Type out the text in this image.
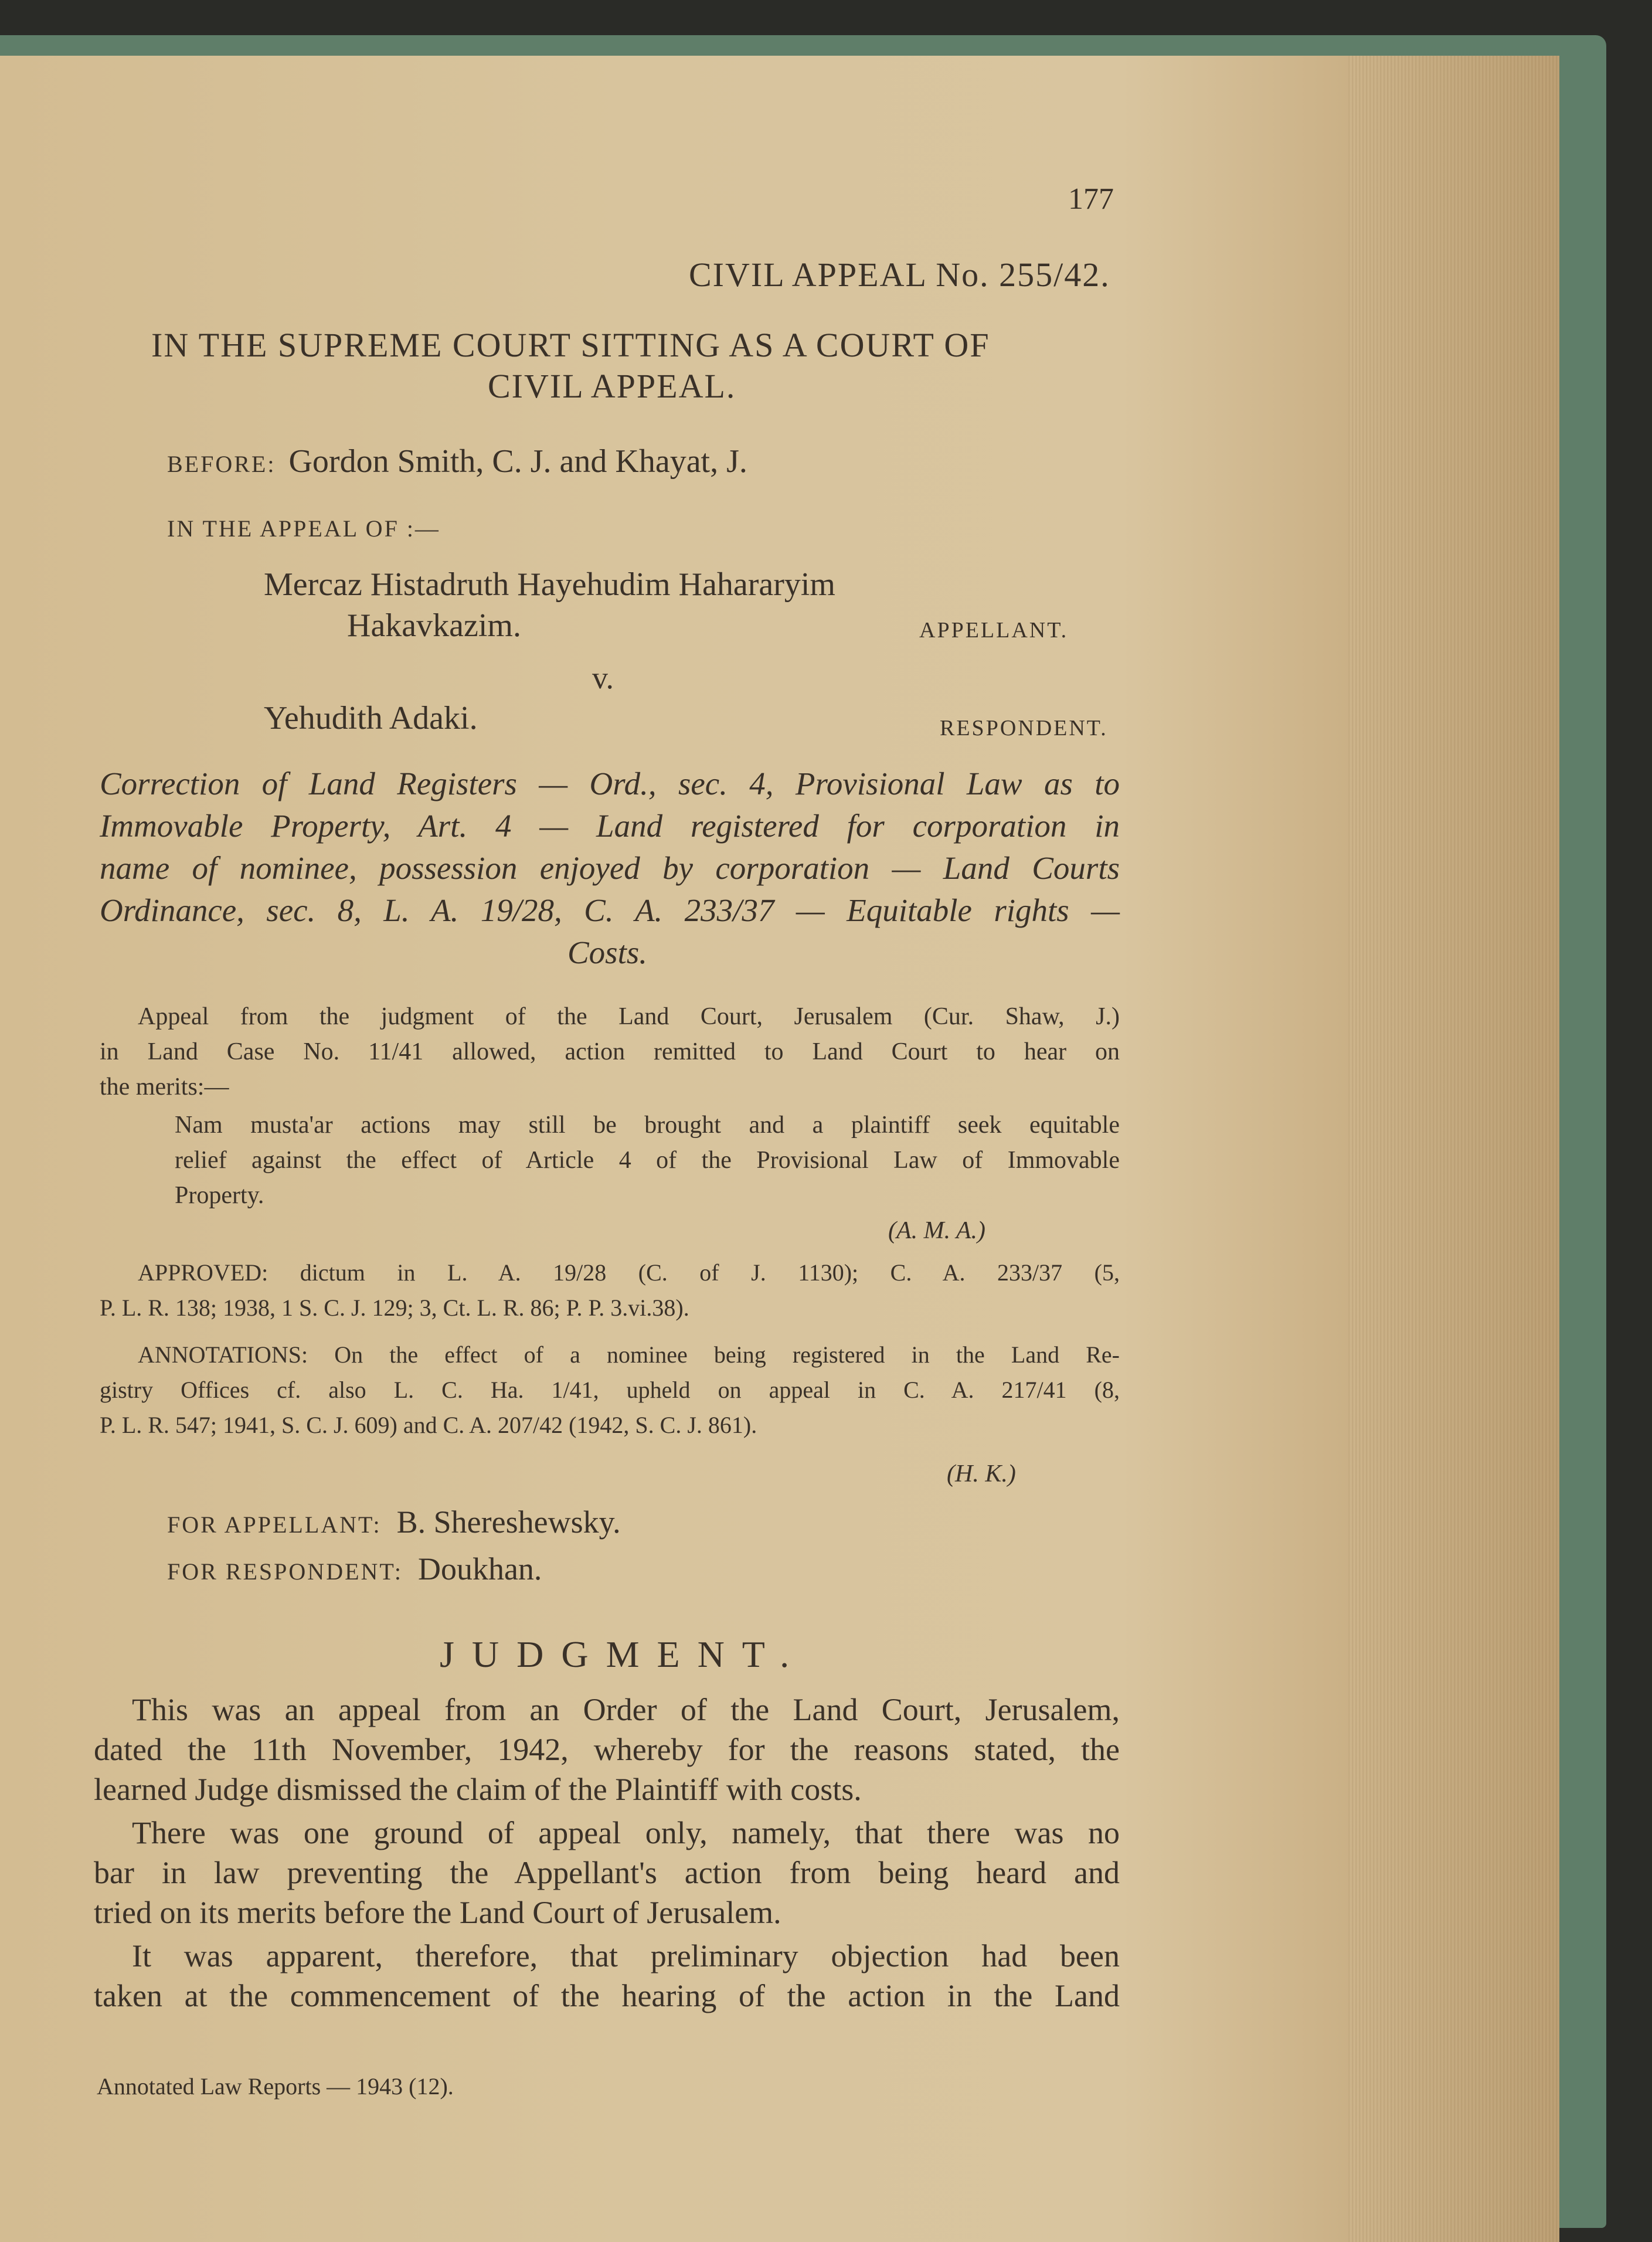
177
CIVIL APPEAL No. 255/42.
IN THE SUPREME COURT SITTING AS A COURT OF
CIVIL APPEAL.
BEFORE: Gordon Smith, C. J. and Khayat, J.
IN THE APPEAL OF :—
Mercaz Histadruth Hayehudim Hahararyim
Hakavkazim.	APPELLANT.
v.
Yehudith Adaki.	RESPONDENT.
Correction of Land Registers — Ord., sec. 4, Provisional Law as to
Immovable Property, Art. 4 — Land registered for corporation in
name of nominee, possession enjoyed by corporation — Land Courts
Ordinance, sec. 8, L. A. 19/28, C. A. 233/37 — Equitable rights —
Costs.
Appeal from the judgment of the Land Court, Jerusalem (Cur. Shaw, J.)
in Land Case No. 11/41 allowed, action remitted to Land Court to hear on
the merits:—
Nam musta'ar actions may still be brought and a plaintiff seek equitable
relief against the effect of Article 4 of the Provisional Law of Immovable
Property.
(A. M. A.)
APPROVED: dictum in L. A. 19/28 (C. of J. 1130); C. A. 233/37 (5,
P. L. R. 138; 1938, 1 S. C. J. 129; 3, Ct. L. R. 86; P. P. 3.vi.38).
ANNOTATIONS: On the effect of a nominee being registered in the Land Re-
gistry Offices cf. also L. C. Ha. 1/41, upheld on appeal in C. A. 217/41 (8,
P. L. R. 547; 1941, S. C. J. 609) and C. A. 207/42 (1942, S. C. J. 861).
(H. K.)
FOR APPELLANT: B. Shereshewsky.
FOR RESPONDENT: Doukhan.
JUDGMENT.
This was an appeal from an Order of the Land Court, Jerusalem,
dated the 11th November, 1942, whereby for the reasons stated, the
learned Judge dismissed the claim of the Plaintiff with costs.
There was one ground of appeal only, namely, that there was no
bar in law preventing the Appellant's action from being heard and
tried on its merits before the Land Court of Jerusalem.
It was apparent, therefore, that preliminary objection had been
taken at the commencement of the hearing of the action in the Land
Annotated Law Reports — 1943 (12).
